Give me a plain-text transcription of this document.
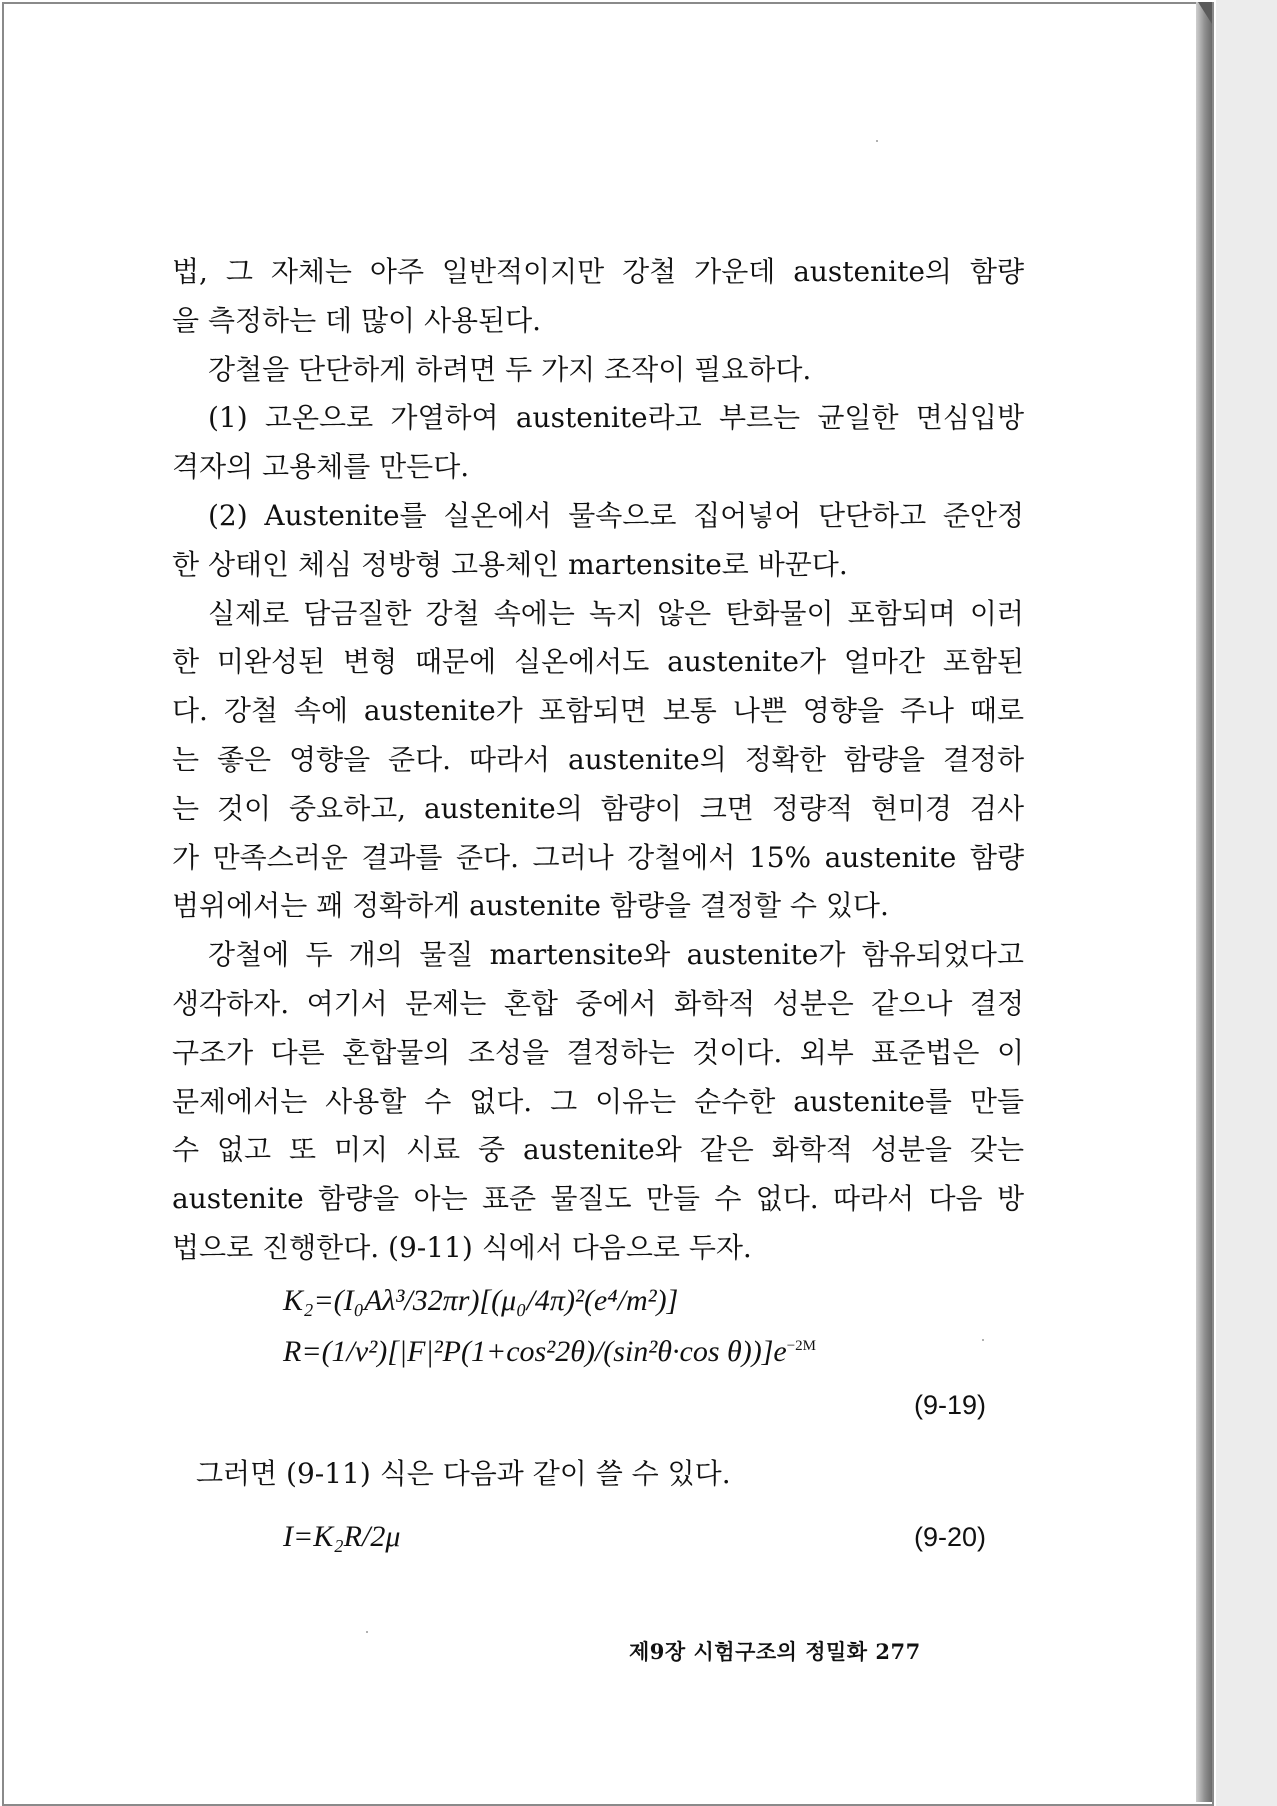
법, 그 자체는 아주 일반적이지만 강철 가운데 austenite의 함량

을 측정하는 데 많이 사용된다.

강철을 단단하게 하려면 두 가지 조작이 필요하다.

(1) 고온으로 가열하여 austenite라고 부르는 균일한 면심입방

격자의 고용체를 만든다.

(2) Austenite를 실온에서 물속으로 집어넣어 단단하고 준안정

한 상태인 체심 정방형 고용체인 martensite로 바꾼다.

실제로 담금질한 강철 속에는 녹지 않은 탄화물이 포함되며 이러

한 미완성된 변형 때문에 실온에서도 austenite가 얼마간 포함된

다. 강철 속에 austenite가 포함되면 보통 나쁜 영향을 주나 때로

는 좋은 영향을 준다. 따라서 austenite의 정확한 함량을 결정하

는 것이 중요하고, austenite의 함량이 크면 정량적 현미경 검사

가 만족스러운 결과를 준다. 그러나 강철에서 15% austenite 함량

범위에서는 꽤 정확하게 austenite 함량을 결정할 수 있다.

강철에 두 개의 물질 martensite와 austenite가 함유되었다고

생각하자. 여기서 문제는 혼합 중에서 화학적 성분은 같으나 결정

구조가 다른 혼합물의 조성을 결정하는 것이다. 외부 표준법은 이

문제에서는 사용할 수 없다. 그 이유는 순수한 austenite를 만들

수 없고 또 미지 시료 중 austenite와 같은 화학적 성분을 갖는

austenite 함량을 아는 표준 물질도 만들 수 없다. 따라서 다음 방

법으로 진행한다. (9-11) 식에서 다음으로 두자.

K₂=(I₀Aλ³/32πr)[(μ₀/4π)²(e⁴/m²)]
R=(1/v²)[|F|²P(1+cos²2θ)/(sin²θ·cos $\theta))]e^{-2M}$
(9-19)
그러면 (9-11) 식은 다음과 같이 쓸 수 있다.
I=K₂R/2μ	(9-20)
제9장 시험구조의 정밀화 277
